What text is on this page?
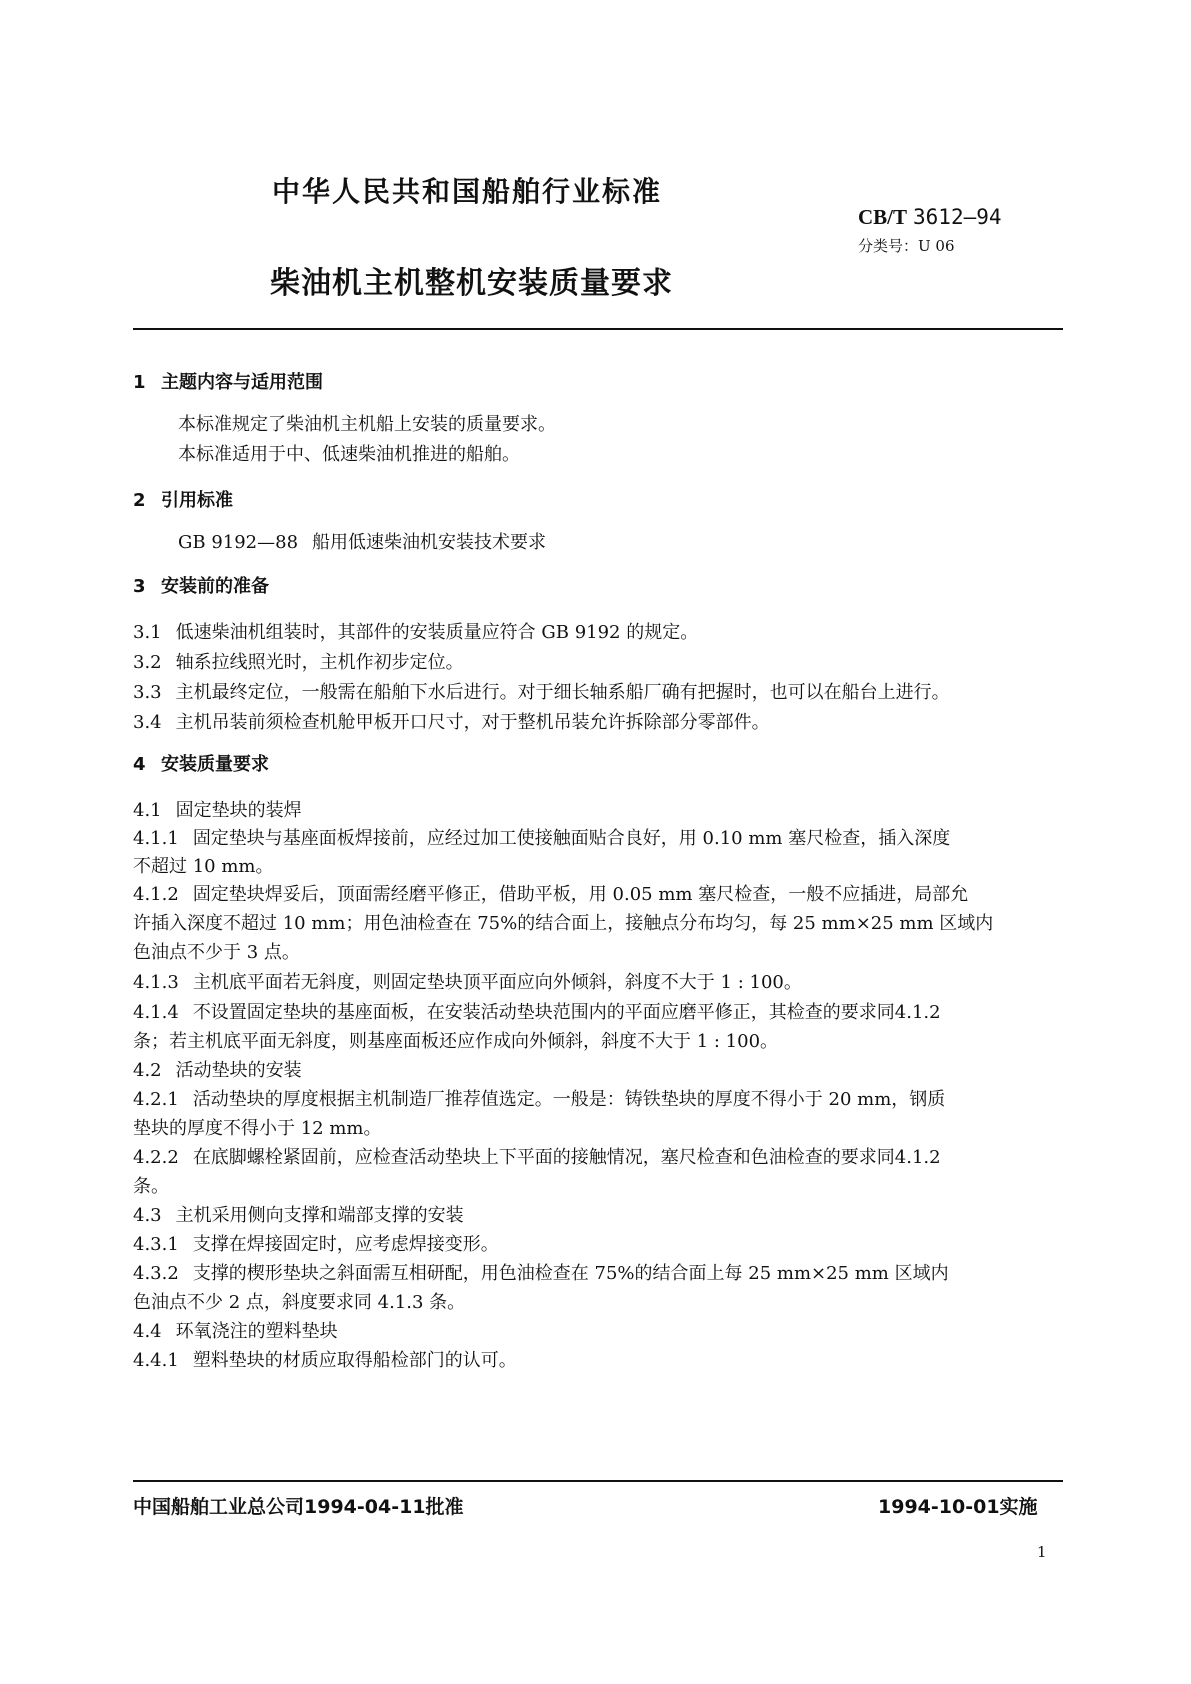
中华人民共和国船舶行业标准
CB/T 3612—94
分类号：U 06
柴油机主机整机安装质量要求
1 主题内容与适用范围
本标准规定了柴油机主机船上安装的质量要求。
本标准适用于中、低速柴油机推进的船舶。
2 引用标准
GB 9192—88 船用低速柴油机安装技术要求
3 安装前的准备
3.1 低速柴油机组装时，其部件的安装质量应符合 GB 9192 的规定。
3.2 轴系拉线照光时，主机作初步定位。
3.3 主机最终定位，一般需在船舶下水后进行。对于细长轴系船厂确有把握时，也可以在船台上进行。
3.4 主机吊装前须检查机舱甲板开口尺寸，对于整机吊装允许拆除部分零部件。
4 安装质量要求
4.1 固定垫块的装焊
4.1.1 固定垫块与基座面板焊接前，应经过加工使接触面贴合良好，用 0.10 mm 塞尺检查，插入深度
不超过 10 mm。
4.1.2 固定垫块焊妥后，顶面需经磨平修正，借助平板，用 0.05 mm 塞尺检查，一般不应插进，局部允
许插入深度不超过 10 mm；用色油检查在 75%的结合面上，接触点分布均匀，每 25 mm×25 mm 区域内
色油点不少于 3 点。
4.1.3 主机底平面若无斜度，则固定垫块顶平面应向外倾斜，斜度不大于 1 : 100。
4.1.4 不设置固定垫块的基座面板，在安装活动垫块范围内的平面应磨平修正，其检查的要求同4.1.2
条；若主机底平面无斜度，则基座面板还应作成向外倾斜，斜度不大于 1 : 100。
4.2 活动垫块的安装
4.2.1 活动垫块的厚度根据主机制造厂推荐值选定。一般是：铸铁垫块的厚度不得小于 20 mm，钢质
垫块的厚度不得小于 12 mm。
4.2.2 在底脚螺栓紧固前，应检查活动垫块上下平面的接触情况，塞尺检查和色油检查的要求同4.1.2
条。
4.3 主机采用侧向支撑和端部支撑的安装
4.3.1 支撑在焊接固定时，应考虑焊接变形。
4.3.2 支撑的楔形垫块之斜面需互相研配，用色油检查在 75%的结合面上每 25 mm×25 mm 区域内
色油点不少 2 点，斜度要求同 4.1.3 条。
4.4 环氧浇注的塑料垫块
4.4.1 塑料垫块的材质应取得船检部门的认可。
中国船舶工业总公司1994-04-11批准	1994-10-01实施
1
